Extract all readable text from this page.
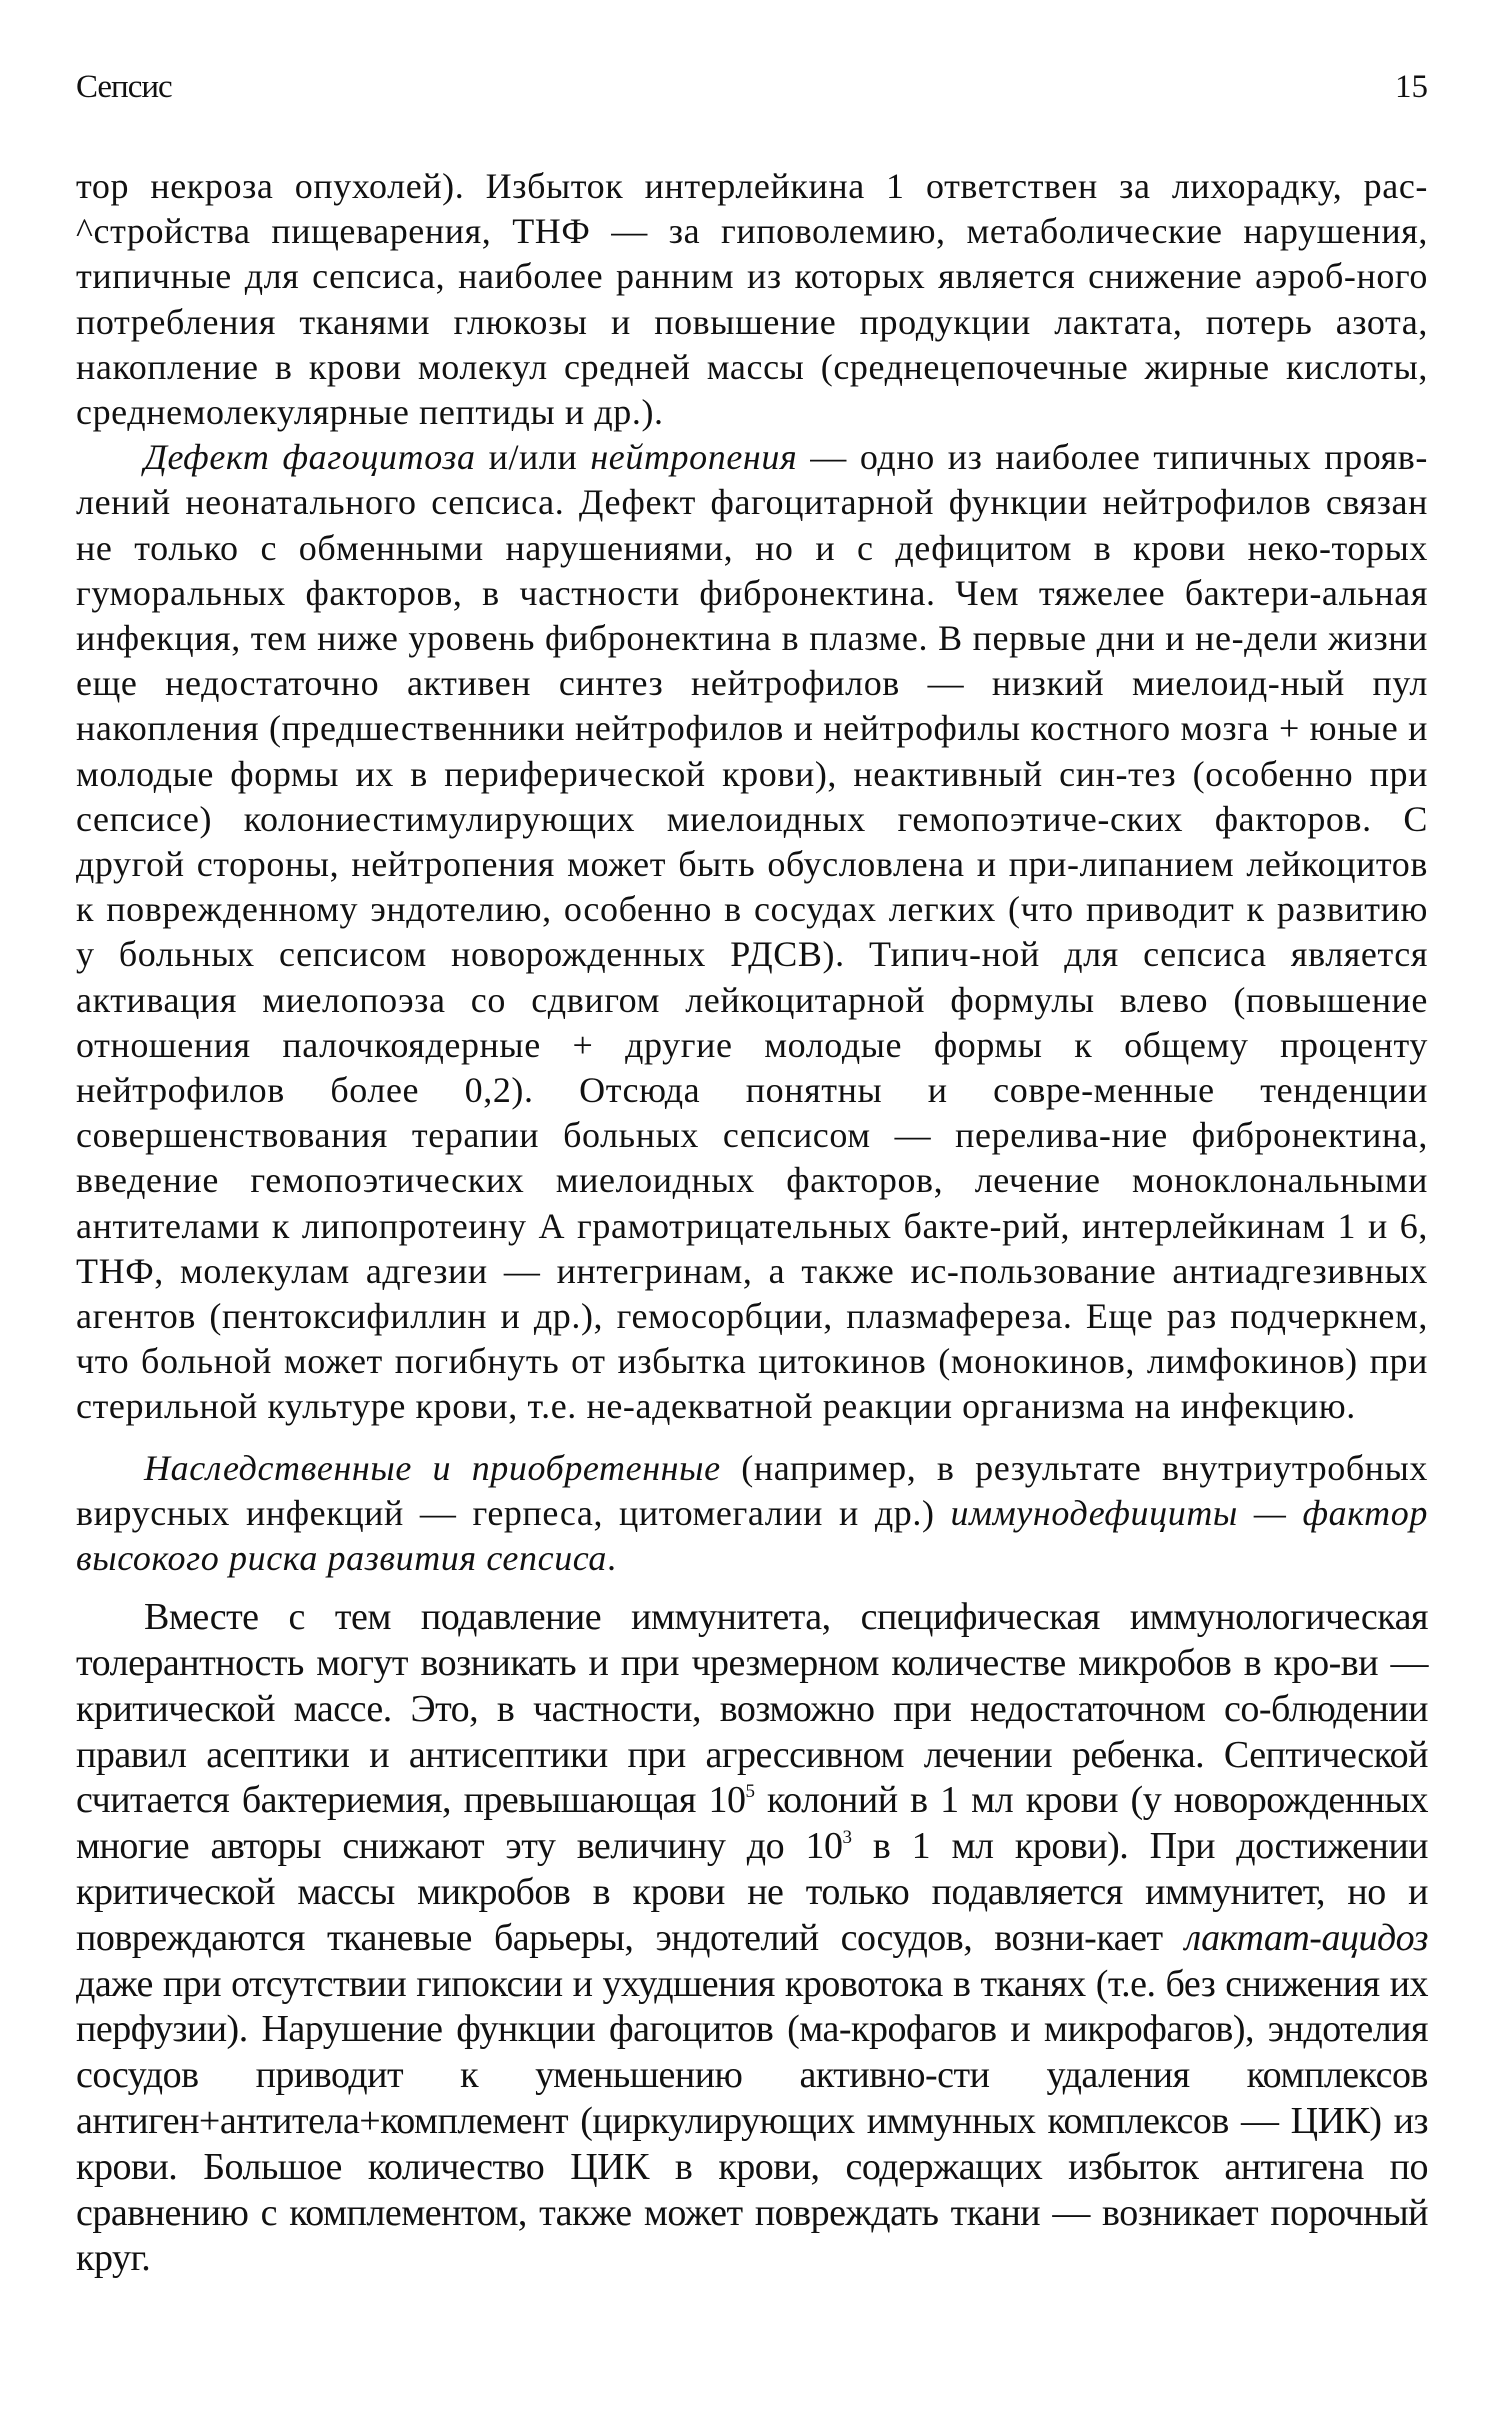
Сепсис	15

тор некроза опухолей). Избыток интерлейкина 1 ответствен за лихорадку, рас-^стройства пищеварения, ТНФ — за гиповолемию, метаболические нарушения, типичные для сепсиса, наиболее ранним из которых является снижение аэроб-ного потребления тканями глюкозы и повышение продукции лактата, потерь азота, накопление в крови молекул средней массы (среднецепочечные жирные кислоты, среднемолекулярные пептиды и др.).

Дефект фагоцитоза и/или нейтропения — одно из наиболее типичных прояв-лений неонатального сепсиса. Дефект фагоцитарной функции нейтрофилов связан не только с обменными нарушениями, но и с дефицитом в крови неко-торых гуморальных факторов, в частности фибронектина. Чем тяжелее бактери-альная инфекция, тем ниже уровень фибронектина в плазме. В первые дни и не-дели жизни еще недостаточно активен синтез нейтрофилов — низкий миелоид-ный пул накопления (предшественники нейтрофилов и нейтрофилы костного мозга + юные и молодые формы их в периферической крови), неактивный син-тез (особенно при сепсисе) колониестимулирующих миелоидных гемопоэтиче-ских факторов. С другой стороны, нейтропения может быть обусловлена и при-липанием лейкоцитов к поврежденному эндотелию, особенно в сосудах легких (что приводит к развитию у больных сепсисом новорожденных РДСВ). Типич-ной для сепсиса является активация миелопоэза со сдвигом лейкоцитарной формулы влево (повышение отношения палочкоядерные + другие молодые формы к общему проценту нейтрофилов более 0,2). Отсюда понятны и совре-менные тенденции совершенствования терапии больных сепсисом — перелива-ние фибронектина, введение гемопоэтических миелоидных факторов, лечение моноклональными антителами к липопротеину А грамотрицательных бакте-рий, интерлейкинам 1 и 6, ТНФ, молекулам адгезии — интегринам, а также ис-пользование антиадгезивных агентов (пентоксифиллин и др.), гемосорбции, плазмафереза. Еще раз подчеркнем, что больной может погибнуть от избытка цитокинов (монокинов, лимфокинов) при стерильной культуре крови, т.е. не-адекватной реакции организма на инфекцию.

Наследственные и приобретенные (например, в результате внутриутробных вирусных инфекций — герпеса, цитомегалии и др.) иммунодефициты — фактор высокого риска развития сепсиса.

Вместе с тем подавление иммунитета, специфическая иммунологическая толерантность могут возникать и при чрезмерном количестве микробов в кро-ви — критической массе. Это, в частности, возможно при недостаточном со-блюдении правил асептики и антисептики при агрессивном лечении ребенка. Септической считается бактериемия, превышающая $10^5$ колоний в 1 мл крови (у новорожденных многие авторы снижают эту величину до $10^3$ в 1 мл крови). При достижении критической массы микробов в крови не только подавляется иммунитет, но и повреждаются тканевые барьеры, эндотелий сосудов, возни-кает лактат-ацидоз даже при отсутствии гипоксии и ухудшения кровотока в тканях (т.е. без снижения их перфузии). Нарушение функции фагоцитов (ма-крофагов и микрофагов), эндотелия сосудов приводит к уменьшению активно-сти удаления комплексов антиген+антитела+комплемент (циркулирующих иммунных комплексов — ЦИК) из крови. Большое количество ЦИК в крови, содержащих избыток антигена по сравнению с комплементом, также может повреждать ткани — возникает порочный круг.
